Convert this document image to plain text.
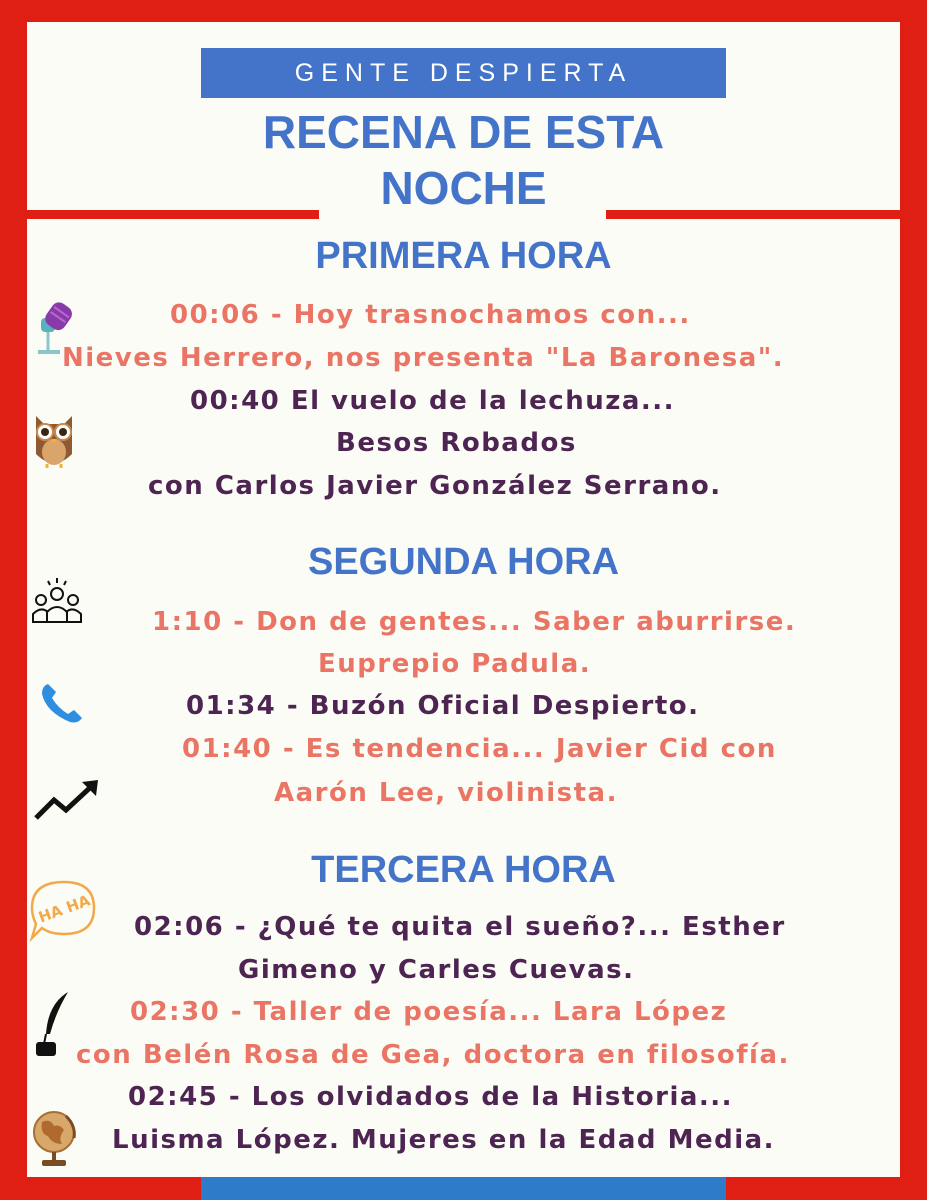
GENTE DESPIERTA
RECENA DE ESTA
NOCHE
PRIMERA HORA
00:06 - Hoy trasnochamos con...
Nieves Herrero, nos presenta "La Baronesa".
00:40 El vuelo de la lechuza...
Besos Robados
con Carlos Javier González Serrano.
SEGUNDA HORA
1:10 - Don de gentes... Saber aburrirse.
Euprepio Padula.
01:34 - Buzón Oficial Despierto.
01:40 - Es tendencia... Javier Cid con
Aarón Lee, violinista.
TERCERA HORA
02:06 - ¿Qué te quita el sueño?... Esther
Gimeno y Carles Cuevas.
02:30 - Taller de poesía... Lara López
con Belén Rosa de Gea, doctora en filosofía.
02:45 - Los olvidados de la Historia...
Luisma López. Mujeres en la Edad Media.
HA HA
